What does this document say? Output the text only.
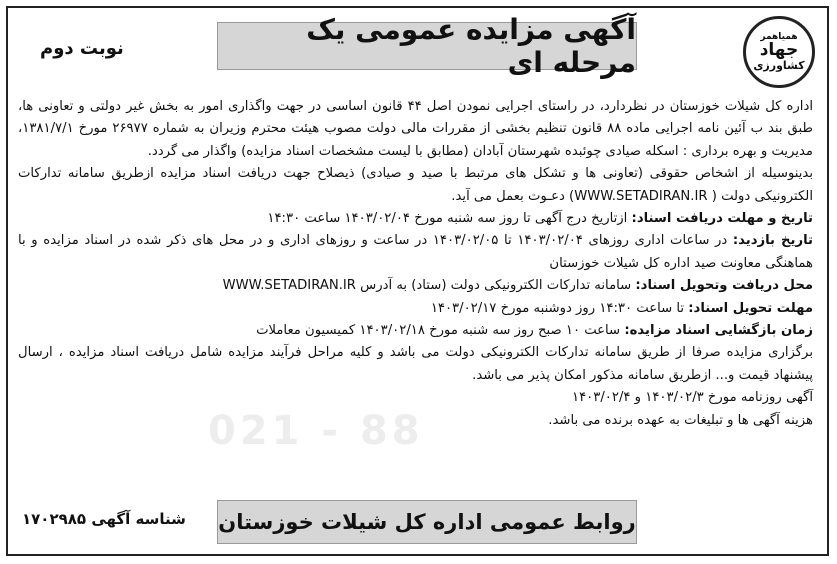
همیاهمر
جهاد
کشاورزی
آگهی مزایده عمومی یک مرحله ای
نوبت دوم
021 - 88

اداره کل شیلات خوزستان در نظردارد، در راستای اجرایی نمودن اصل ۴۴ قانون اساسی در جهت واگذاری امور به بخش غیر دولتی و تعاونی ها، طبق بند ب آئین نامه اجرایی ماده ۸۸ قانون تنظیم بخشی از مقررات مالی دولت مصوب هیئت محترم وزیران به شماره ۲۶۹۷۷ مورخ ۱۳۸۱/۷/۱، مدیریت و بهره برداری : اسکله صیادی چوئبده شهرستان آبادان (مطابق با لیست مشخصات اسناد مزایده) واگذار می گردد.

بدینوسیله از اشخاص حقوقی (تعاونی ها و تشکل های مرتبط با صید و صیادی) ذیصلاح جهت دریافت اسناد مزایده ازطریق سامانه تدارکات الکترونیکی دولت ( WWW.SETADIRAN.IR) دعـوت بعمل می آید.

تاریخ و مهلت دریافت اسناد: ازتاریخ درج آگهی تا روز سه شنبه مورخ ۱۴۰۳/۰۲/۰۴ ساعت ۱۴:۳۰

تاریخ بازدید: در ساعات اداری روزهای ۱۴۰۳/۰۲/۰۴ تا ۱۴۰۳/۰۲/۰۵ در ساعت و روزهای اداری و در محل های ذکر شده در اسناد مزایده و با هماهنگی معاونت صید اداره کل شیلات خوزستان

محل دریافت وتحویل اسناد: سامانه تدارکات الکترونیکی دولت (ستاد) به آدرس WWW.SETADIRAN.IR

مهلت تحویل اسناد: تا ساعت ۱۴:۳۰ روز دوشنبه مورخ ۱۴۰۳/۰۲/۱۷

زمان بازگشایی اسناد مزایده: ساعت ۱۰ صبح روز سه شنبه مورخ ۱۴۰۳/۰۲/۱۸ کمیسیون معاملات

برگزاری مزایده صرفا از طریق سامانه تدارکات الکترونیکی دولت می باشد و کلیه مراحل فرآیند مزایده شامل دریافت اسناد مزایده ، ارسال پیشنهاد قیمت و... ازطریق سامانه مذکور امکان پذیر می باشد.

آگهی روزنامه مورخ ۱۴۰۳/۰۲/۳ و ۱۴۰۳/۰۲/۴

هزینه آگهی ها و تبلیغات به عهده برنده می باشد.

روابط عمومی اداره کل شیلات خوزستان
شناسه آگهی ۱۷۰۲۹۸۵
